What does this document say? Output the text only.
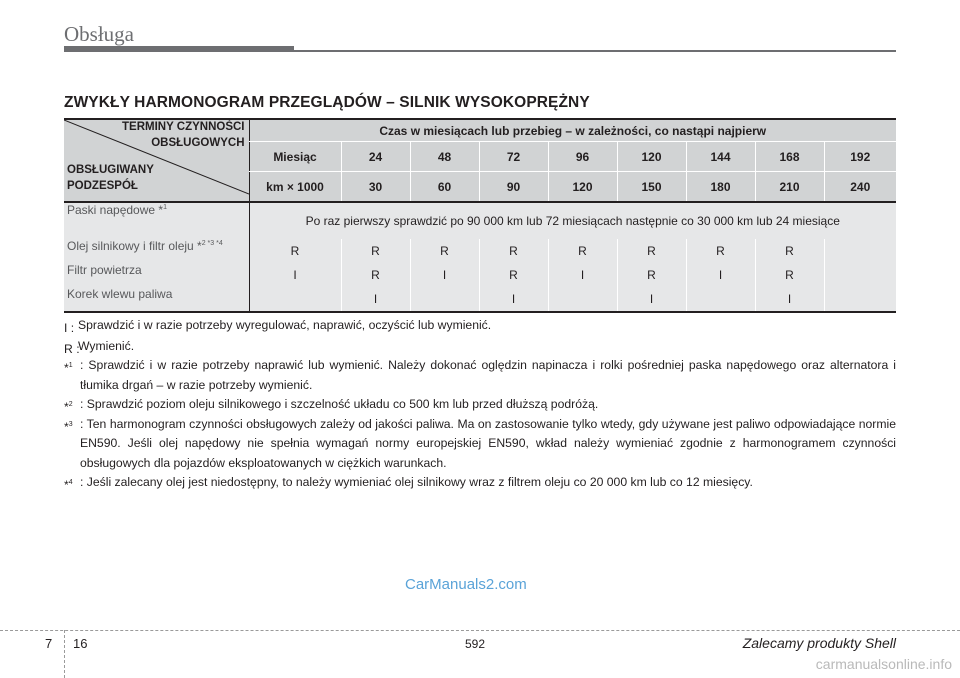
Obsługa
ZWYKŁY HARMONOGRAM PRZEGLĄDÓW – SILNIK WYSOKOPRĘŻNY
TERMINY CZYNNOŚCI
OBSŁUGOWYCH
OBSŁUGIWANY
PODZESPÓŁ	Czas w miesiącach lub przebieg – w zależności, co nastąpi najpierw								
	Miesiąc	24	48	72	96	120	144	168	192
	km × 1000	30	60	90	120	150	180	210	240
Paski napędowe *$^1$	Po raz pierwszy sprawdzić po 90 000 km lub 72 miesiącach następnie co 30 000 km lub 24 miesiące								
Olej silnikowy i filtr oleju *$^{2 *3 *4}$	R	R	R	R	R	R	R	R	
Filtr powietrza	I	R	I	R	I	R	I	R	
Korek wlewu paliwa		I		I		I		I	
I : Sprawdzić i w razie potrzeby wyregulować, naprawić, oczyścić lub wymienić.
R :
Wymienić.
*$^1$ : Sprawdzić i w razie potrzeby naprawić lub wymienić. Należy dokonać oględzin napinacza i rolki pośredniej paska napędowego oraz alternatora i tłumika drgań – w razie potrzeby wymienić.
*$^2$ : Sprawdzić poziom oleju silnikowego i szczelność układu co 500 km lub przed dłuższą podróżą.
*$^3$ : Ten harmonogram czynności obsługowych zależy od jakości paliwa. Ma on zastosowanie tylko wtedy, gdy używane jest paliwo odpowiadające normie EN590. Jeśli olej napędowy nie spełnia wymagań normy europejskiej EN590, wkład należy wymieniać zgodnie z harmonogramem czynności obsługowych dla pojazdów eksploatowanych w ciężkich warunkach.
*$^4$ : Jeśli zalecany olej jest niedostępny, to należy wymieniać olej silnikowy wraz z filtrem oleju co 20 000 km lub co 12 miesięcy.
CarManuals2.com
7 16	592	Zalecamy produkty Shell
carmanualsonline.info
